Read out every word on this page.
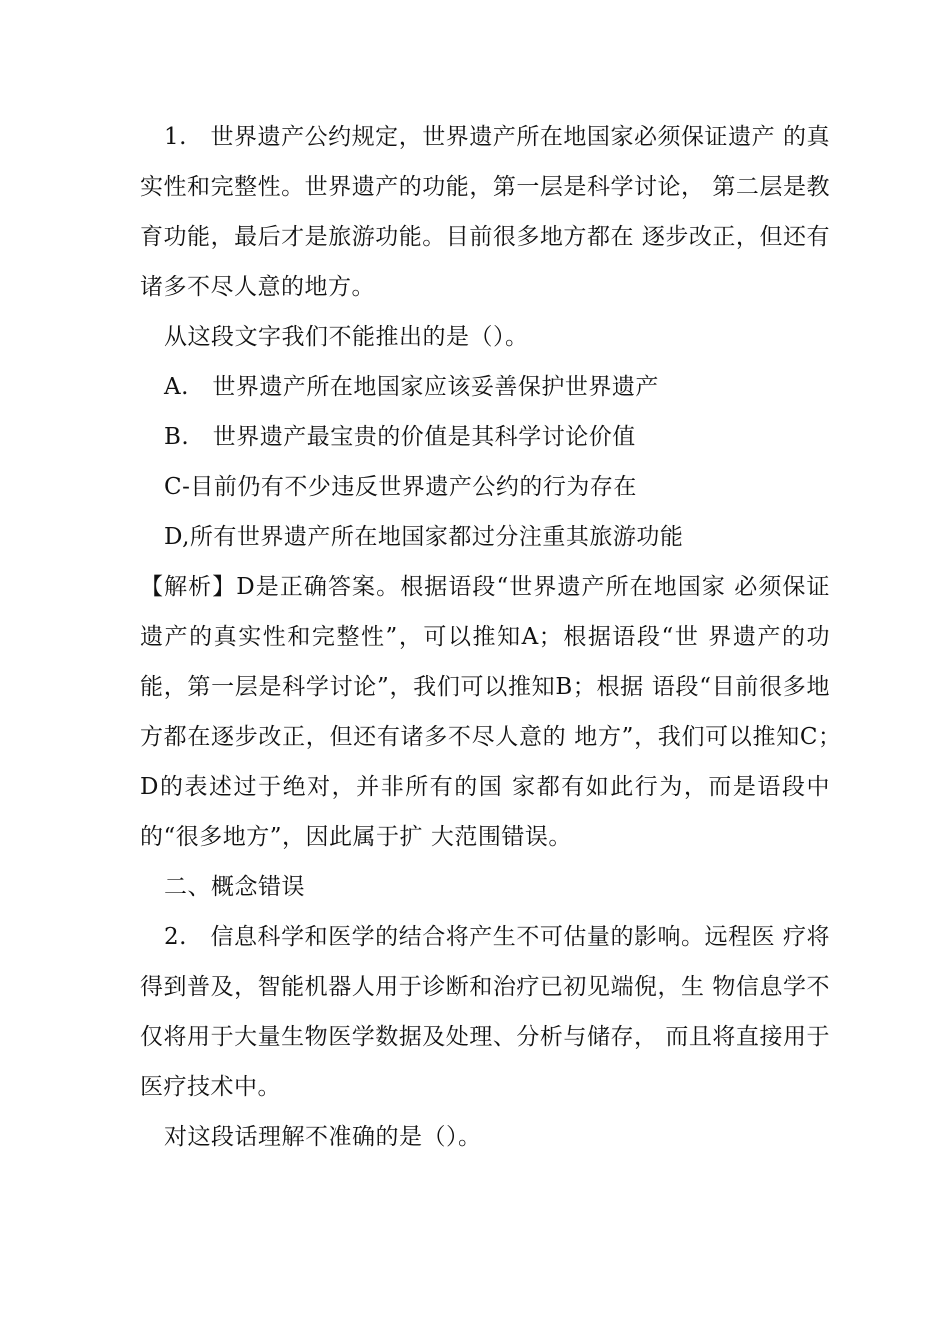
1.　世界遗产公约规定，世界遗产所在地国家必须保证遗产 的真实性和完整性。世界遗产的功能，第一层是科学讨论， 第二层是教育功能，最后才是旅游功能。目前很多地方都在 逐步改正，但还有诸多不尽人意的地方。

从这段文字我们不能推出的是（）。

A.　世界遗产所在地国家应该妥善保护世界遗产

B.　世界遗产最宝贵的价值是其科学讨论价值

C-目前仍有不少违反世界遗产公约的行为存在

D,所有世界遗产所在地国家都过分注重其旅游功能

【解析】D是正确答案。根据语段“世界遗产所在地国家 必须保证遗产的真实性和完整性”，可以推知A；根据语段“世 界遗产的功能，第一层是科学讨论”，我们可以推知B；根据 语段“目前很多地方都在逐步改正，但还有诸多不尽人意的 地方”，我们可以推知C；　D的表述过于绝对，并非所有的国 家都有如此行为，而是语段中的“很多地方”，因此属于扩 大范围错误。

二、概念错误

2.　信息科学和医学的结合将产生不可估量的影响。远程医 疗将得到普及，智能机器人用于诊断和治疗已初见端倪，生 物信息学不仅将用于大量生物医学数据及处理、分析与储存， 而且将直接用于医疗技术中。

对这段话理解不准确的是（）。
